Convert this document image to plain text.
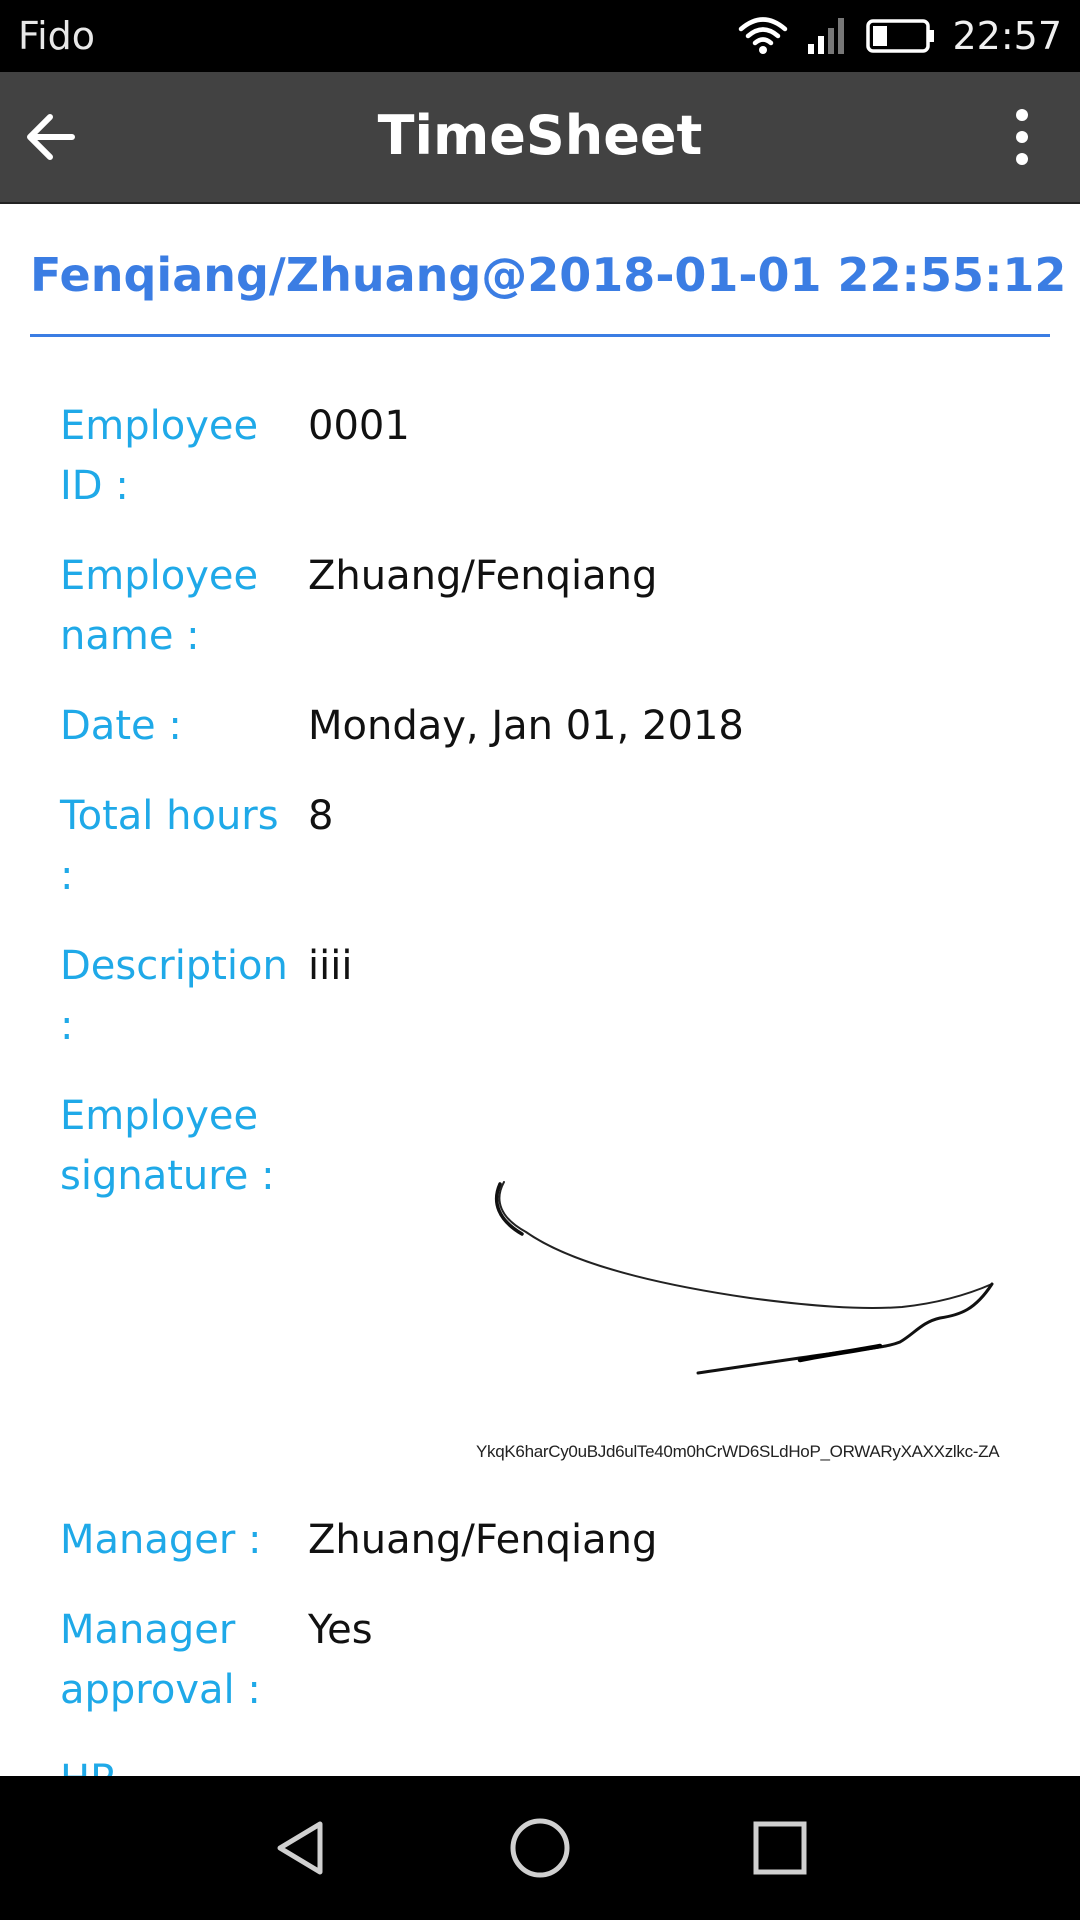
Fido	22:57
TimeSheet
Fenqiang/Zhuang@2018-01-01 22:55:12
Employee ID :
0001
Employee name :
Zhuang/Fenqiang
Date :	Monday, Jan 01, 2018
Total hours :
8
Description :
iiii
Employee signature :
YkqK6harCy0uBJd6ulTe40m0hCrWD6SLdHoP_ORWARyXAXXzlkc-ZA
Manager :	Zhuang/Fenqiang
Manager approval :
Yes
